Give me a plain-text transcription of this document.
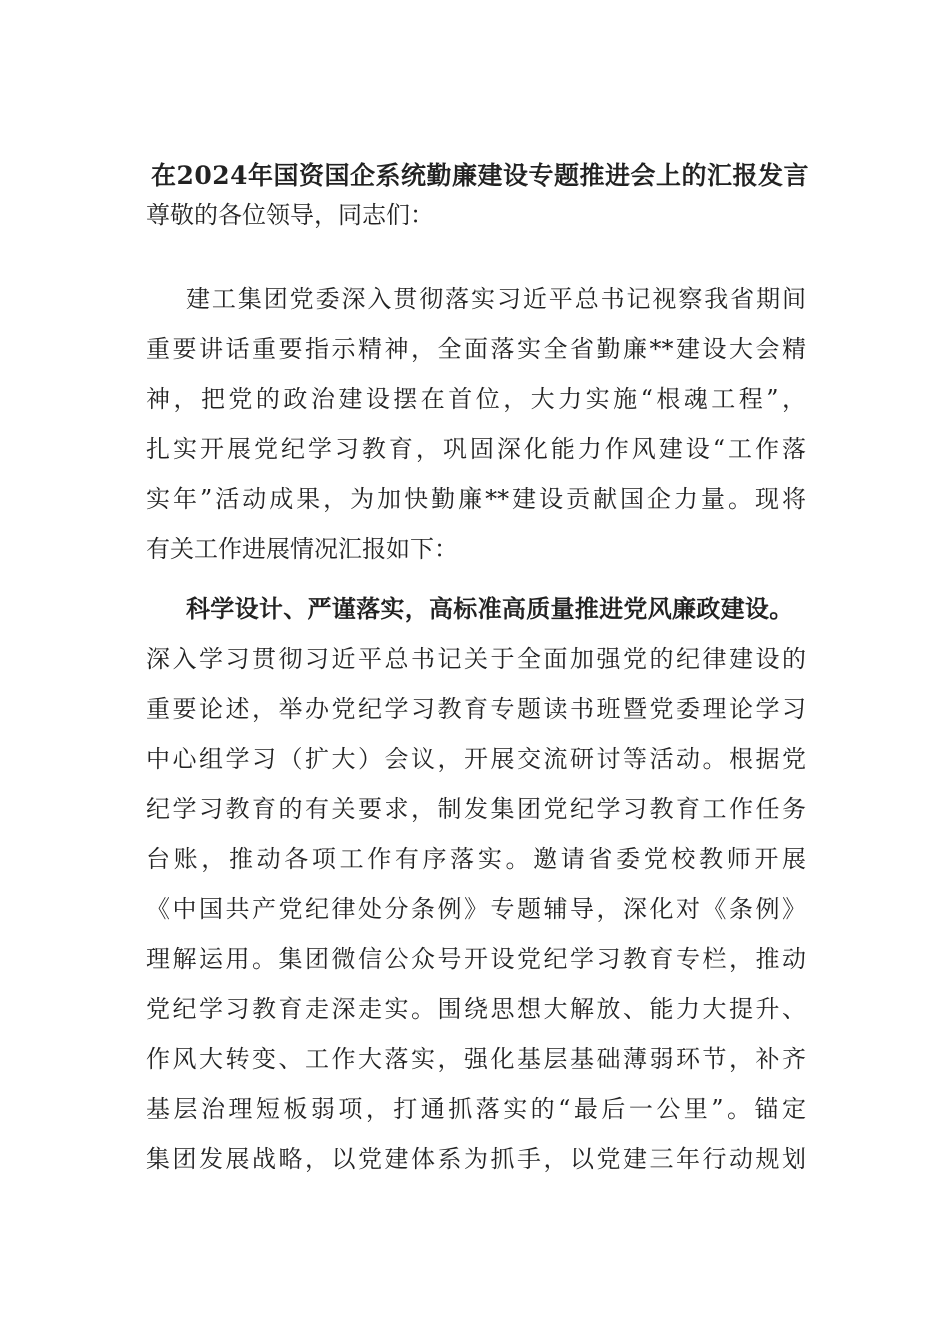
在2024年国资国企系统勤廉建设专题推进会上的汇报发言
尊敬的各位领导，同志们：
建工集团党委深入贯彻落实习近平总书记视察我省期间
重要讲话重要指示精神，全面落实全省勤廉**建设大会精
神，把党的政治建设摆在首位，大力实施“根魂工程”，
扎实开展党纪学习教育，巩固深化能力作风建设“工作落
实年”活动成果，为加快勤廉**建设贡献国企力量。现将
有关工作进展情况汇报如下：
科学设计、严谨落实，高标准高质量推进党风廉政建设。
深入学习贯彻习近平总书记关于全面加强党的纪律建设的
重要论述，举办党纪学习教育专题读书班暨党委理论学习
中心组学习（扩大）会议，开展交流研讨等活动。根据党
纪学习教育的有关要求，制发集团党纪学习教育工作任务
台账，推动各项工作有序落实。邀请省委党校教师开展
《中国共产党纪律处分条例》专题辅导，深化对《条例》
理解运用。集团微信公众号开设党纪学习教育专栏，推动
党纪学习教育走深走实。围绕思想大解放、能力大提升、
作风大转变、工作大落实，强化基层基础薄弱环节，补齐
基层治理短板弱项，打通抓落实的“最后一公里”。锚定
集团发展战略，以党建体系为抓手，以党建三年行动规划
